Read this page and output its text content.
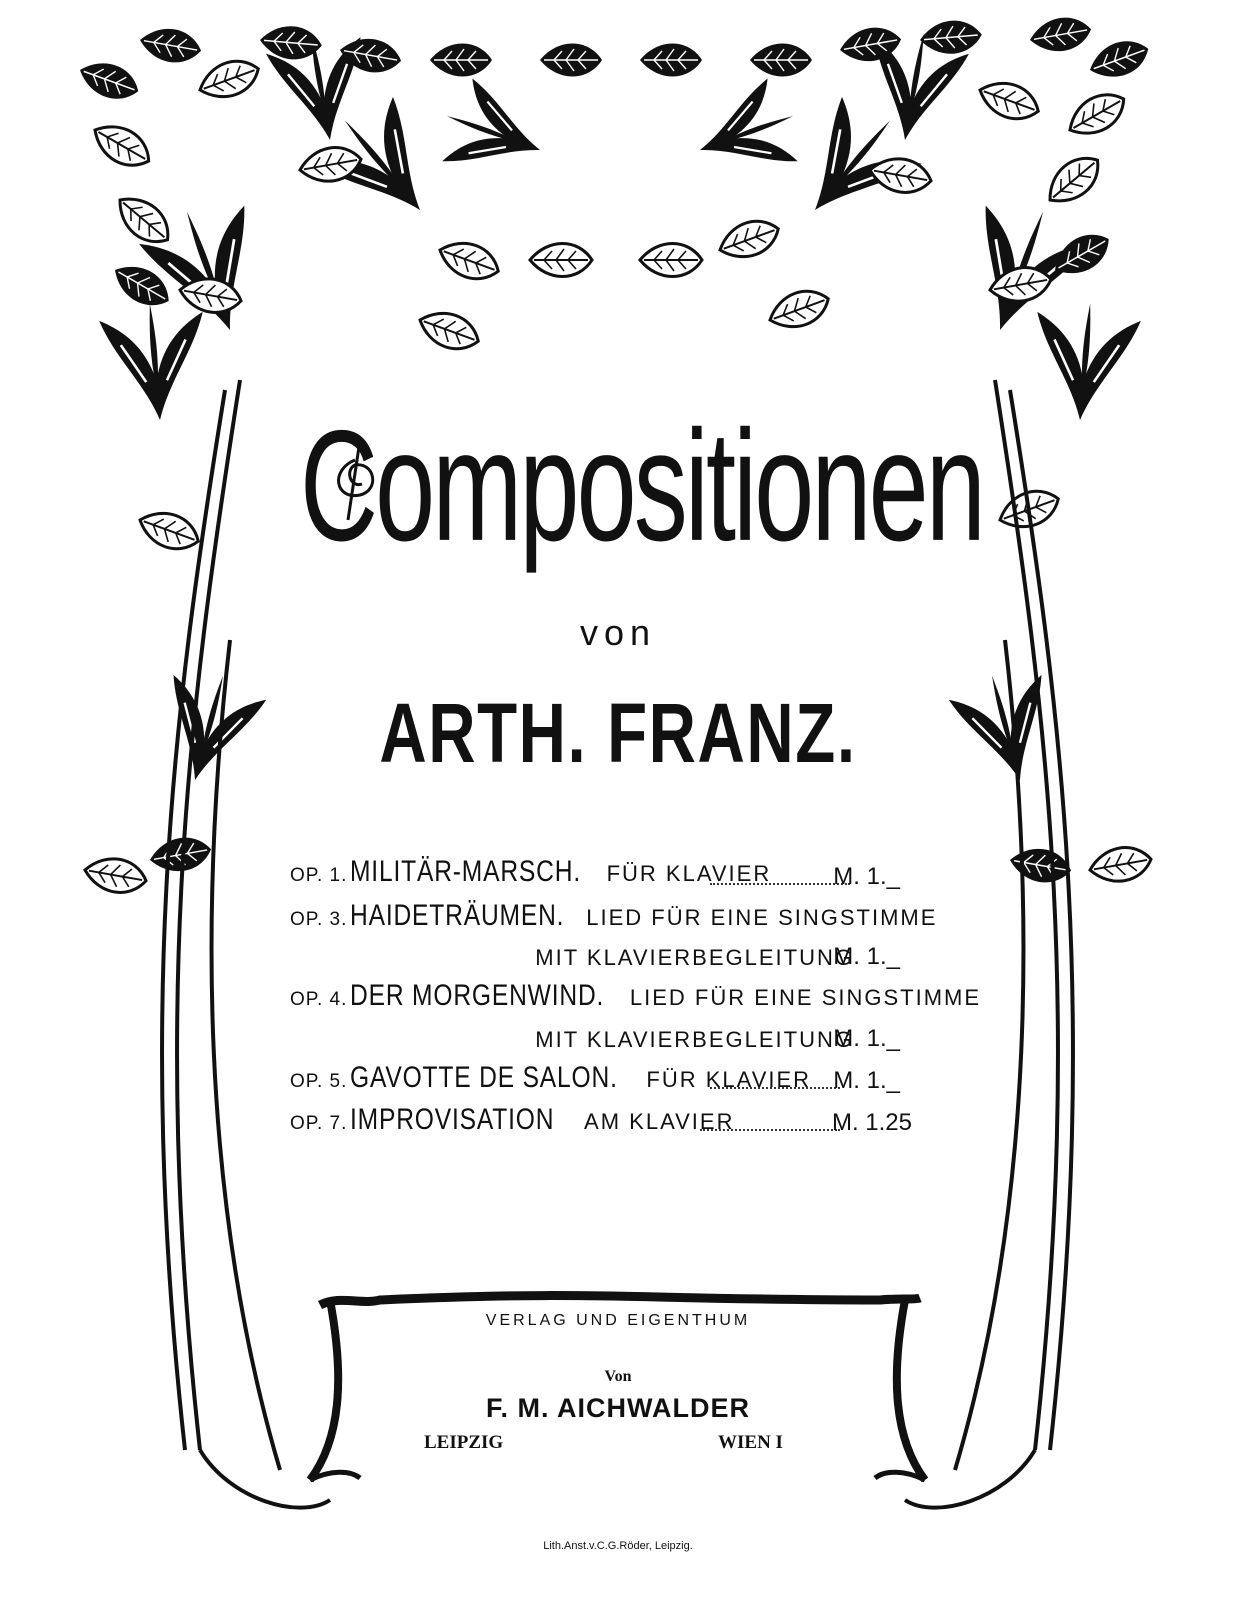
Compositionen
von
ARTH. FRANZ.
OP. 1. MILITÄR-MARSCH. FÜR KLAVIER	M. 1._
OP. 3. HAIDETRÄUMEN. LIED FÜR EINE SINGSTIMME
MIT KLAVIERBEGLEITUNG
M. 1._
OP. 4. DER MORGENWIND. LIED FÜR EINE SINGSTIMME
MIT KLAVIERBEGLEITUNG
M. 1._
OP. 5. GAVOTTE DE SALON. FÜR KLAVIER M. 1._
OP. 7. IMPROVISATION AM KLAVIER	M. 1.25
VERLAG UND EIGENTHUM
Von
F. M. AICHWALDER
LEIPZIG	WIEN I
Lith.Anst.v.C.G.Röder, Leipzig.
